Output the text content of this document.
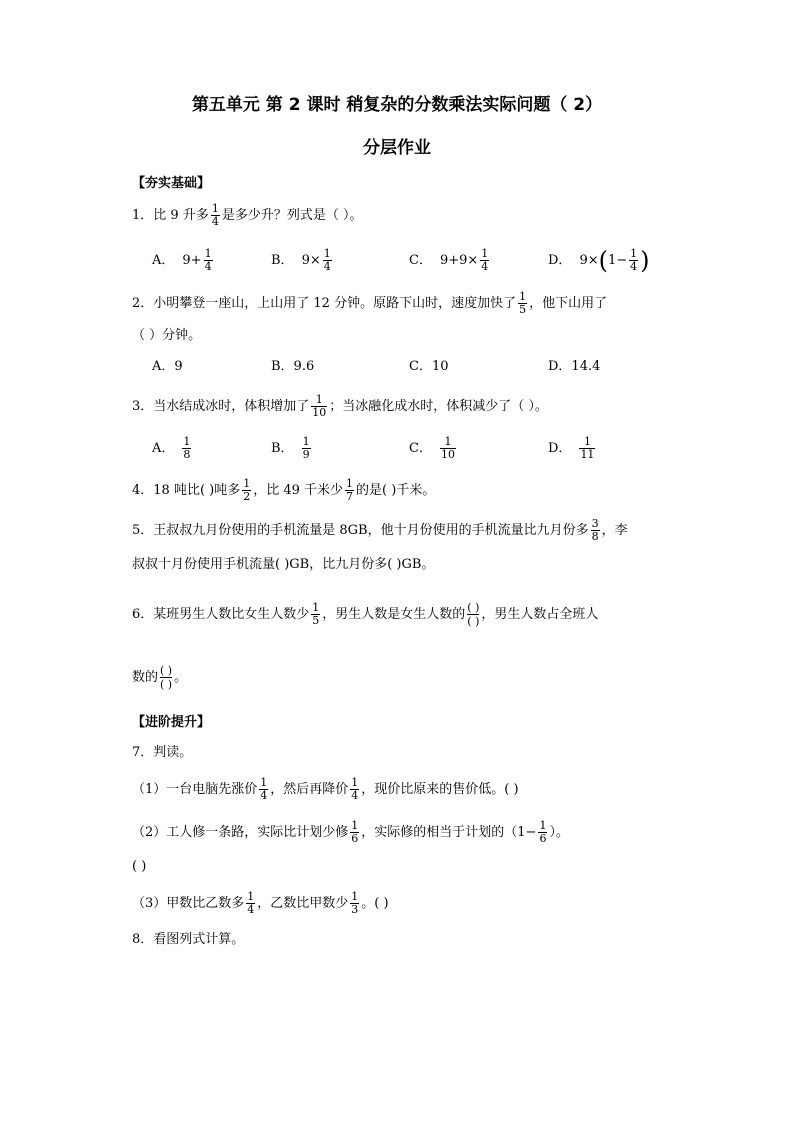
第五单元 第 2 课时 稍复杂的分数乘法实际问题（ 2）
分层作业
【夯实基础】
1．比 9 升多 $\frac{1}{4}$ 是多少升？列式是（ ）。
A． $9+ \frac{1}{4}$	B． $9\times \frac{1}{4}$	C． $9+9\times \frac{1}{4}$	D． $9\times(1- \frac{1}{4}$ )
2．小明攀登一座山，上山用了 12 分钟。原路下山时，速度加快了 $\frac{1}{5}$ ，他下山用了
（ ）分钟。
A．9	B．9.6	C．10	D．14.4
3．当水结成冰时，体积增加了 $\frac{1}{10}$ ；当冰融化成水时，体积减少了（ ）。
A． $\frac{1}{8}$	B． $\frac{1}{9}$	C． $\frac{1}{10}$	D． $\frac{1}{11}$
4．18 吨比( )吨多 $\frac{1}{2}$ ，比 49 千米少 $\frac{1}{7}$ 的是( )千米。
5．王叔叔九月份使用的手机流量是 8GB，他十月份使用的手机流量比九月份多 $\frac{3}{8}$ ，李
叔叔十月份使用手机流量( )GB，比九月份多( )GB。
6．某班男生人数比女生人数少 $\frac{1}{5}$ ，男生人数是女生人数的 ( )
( ) ，男生人数占全班人
数的 ( )
( ) 。
【进阶提升】
7．判读。
（1）一台电脑先涨价 $\frac{1}{4}$ ，然后再降价 $\frac{1}{4}$ ，现价比原来的售价低。( )
（2）工人修一条路，实际比计划少修 $\frac{1}{6}$ ，实际修的相当于计划的（$1- \frac{1}{6}$ ）。
( )
（3）甲数比乙数多 $\frac{1}{4}$ ，乙数比甲数少 $\frac{1}{3}$ 。( )
8．看图列式计算。
